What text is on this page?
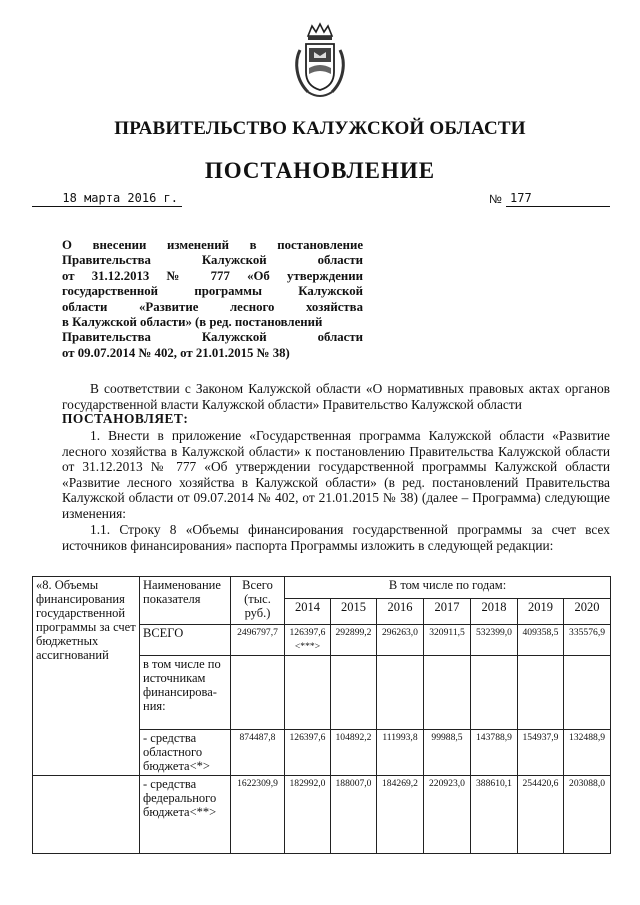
ПРАВИТЕЛЬСТВО КАЛУЖСКОЙ ОБЛАСТИ
ПОСТАНОВЛЕНИЕ
18 марта 2016 г.	№ 177
О внесении изменений в постановление
Правительства Калужской области
от 31.12.2013 № 777 «Об утверждении
государственной программы Калужской
области «Развитие лесного хозяйства
в Калужской области» (в ред. постановлений
Правительства Калужской области
от 09.07.2014 № 402, от 21.01.2015 № 38)
В соответствии с Законом Калужской области «О нормативных правовых актах органов государственной власти Калужской области» Правительство Калужской области
ПОСТАНОВЛЯЕТ:
1. Внести в приложение «Государственная программа Калужской области «Развитие лесного хозяйства в Калужской области» к постановлению Правительства Калужской области от 31.12.2013 № 777 «Об утверждении государственной программы Калужской области «Развитие лесного хозяйства в Калужской области» (в ред. постановлений Правительства Калужской области от 09.07.2014 № 402, от 21.01.2015 № 38) (далее – Программа) следующие изменения:
1.1. Строку 8 «Объемы финансирования государственной программы за счет всех источников финансирования» паспорта Программы изложить в следующей редакции:
«8. Объемы финансирования государственной программы за счет бюджетных ассигнований	Наименование показателя	Всего (тыс. руб.)	В том числе по годам:						
			2014	2015	2016	2017	2018	2019	2020
	ВСЕГО	2496797,7	126397,6 <***>	292899,2	296263,0	320911,5	532399,0	409358,5	335576,9
	в том числе по источникам финансирова-ния:								
	- средства областного бюджета<*>	874487,8	126397,6	104892,2	111993,8	99988,5	143788,9	154937,9	132488,9
	- средства федерального бюджета<**>	1622309,9	182992,0	188007,0	184269,2	220923,0	388610,1	254420,6	203088,0
